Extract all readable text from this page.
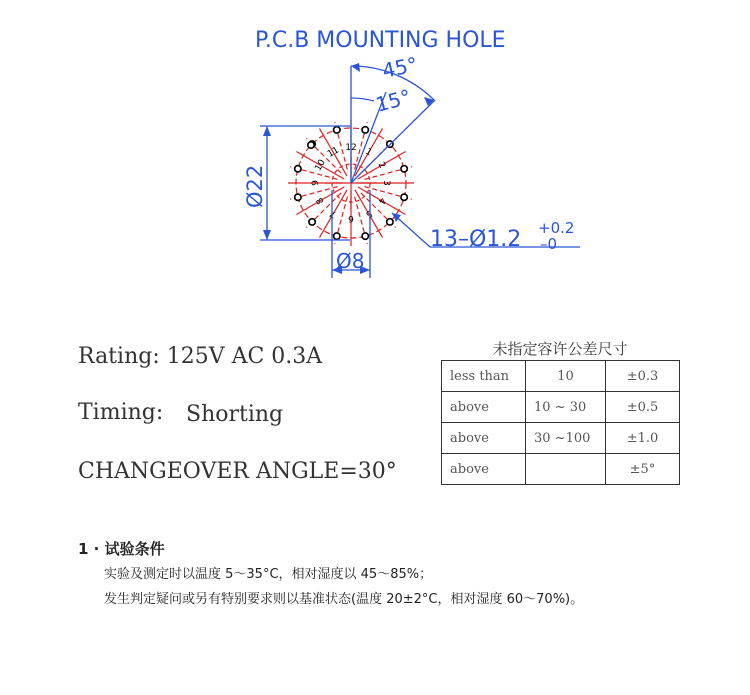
P.C.B MOUNTING HOLE
1
2
3
4
5
6
7
8
9
10
11 12
45°
15°
Ø22
Ø8
13–Ø1.2 +0.2
–0
Rating: 125V AC 0.3A
Timing: Shorting
CHANGEOVER ANGLE=30°
未指定容许公差尺寸
less than	10	±0.3
above	10 ~ 30	±0.5
above	30 ~100	±1.0
above		±5°
1 · 试验条件
实验及测定时以温度 5～35°C，相对湿度以 45～85%；
发生判定疑问或另有特别要求则以基准状态(温度 20±2°C，相对湿度 60～70%)。
